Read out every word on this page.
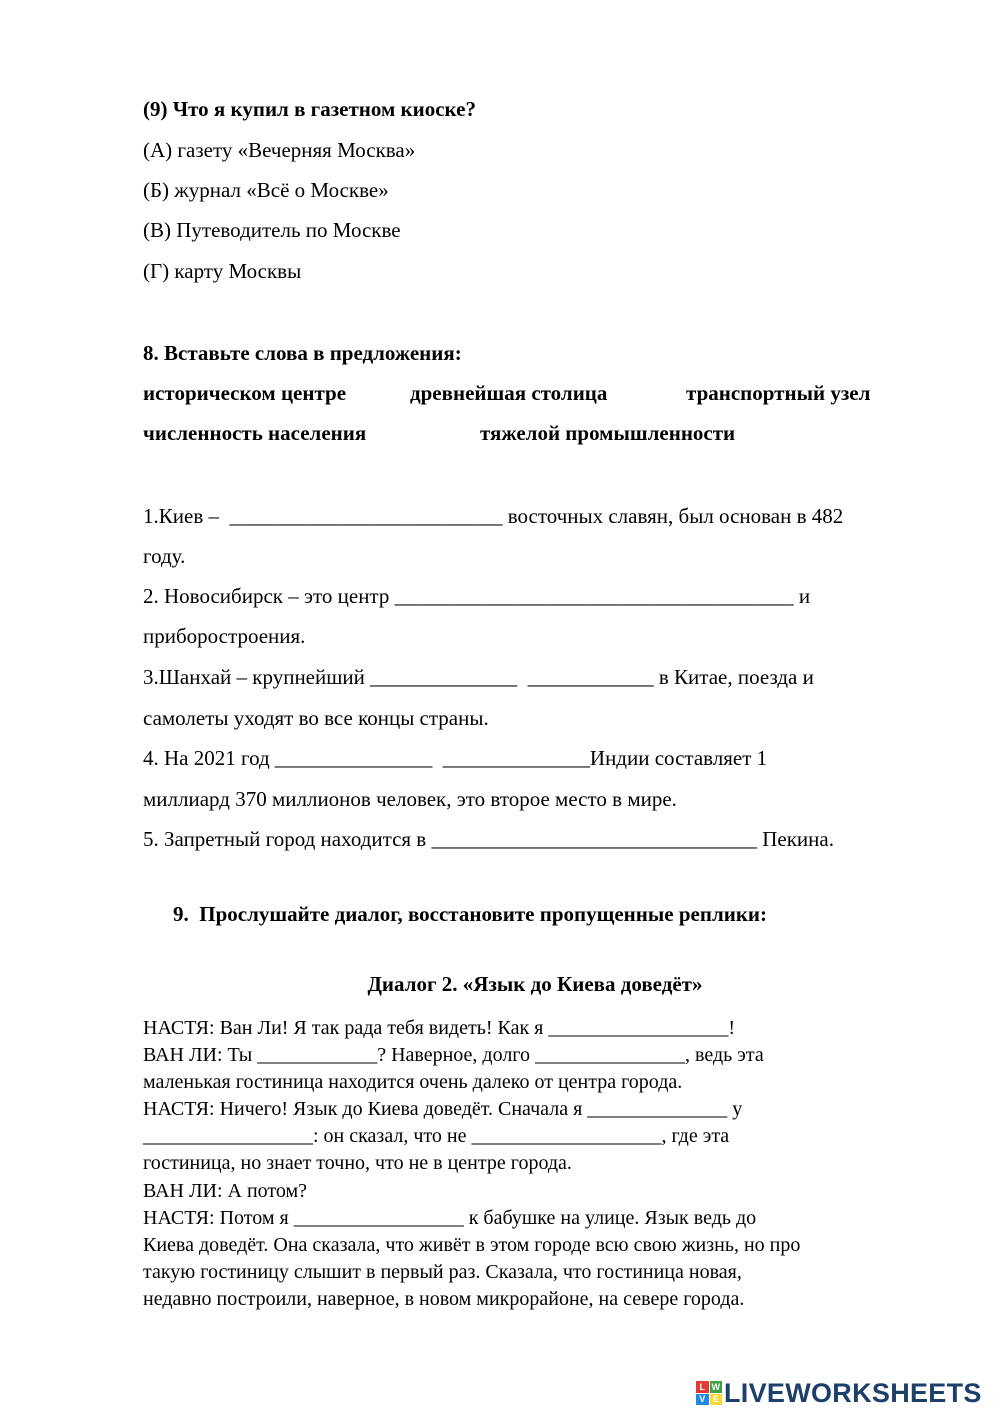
(9) Что я купил в газетном киоске?
(А) газету «Вечерняя Москва»
(Б) журнал «Всё о Москве»
(В) Путеводитель по Москве
(Г) карту Москвы
8. Вставьте слова в предложения:
историческом центре	древнейшая столица	транспортный узел
численность населения	тяжелой промышленности
1.Киев –  __________________________ восточных славян, был основан в 482
году.
2. Новосибирск – это центр ______________________________________ и
приборостроения.
3.Шанхай – крупнейший ______________  ____________ в Китае, поезда и
самолеты уходят во все концы страны.
4. На 2021 год _______________  ______________Индии составляет 1
миллиард 370 миллионов человек, это второе место в мире.
5. Запретный город находится в _______________________________ Пекина.
9.  Прослушайте диалог, восстановите пропущенные реплики:
Диалог 2. «Язык до Киева доведёт»
НАСТЯ: Ван Ли! Я так рада тебя видеть! Как я __________________!
ВАН ЛИ: Ты ____________? Наверное, долго _______________, ведь эта
маленькая гостиница находится очень далеко от центра города.
НАСТЯ: Ничего! Язык до Киева доведёт. Сначала я ______________ у
_________________: он сказал, что не ___________________, где эта
гостиница, но знает точно, что не в центре города.
ВАН ЛИ: А потом?
НАСТЯ: Потом я _________________ к бабушке на улице. Язык ведь до
Киева доведёт. Она сказала, что живёт в этом городе всю свою жизнь, но про
такую гостиницу слышит в первый раз. Сказала, что гостиница новая,
недавно построили, наверное, в новом микрорайоне, на севере города.
L W
V E LIVEWORKSHEETS
